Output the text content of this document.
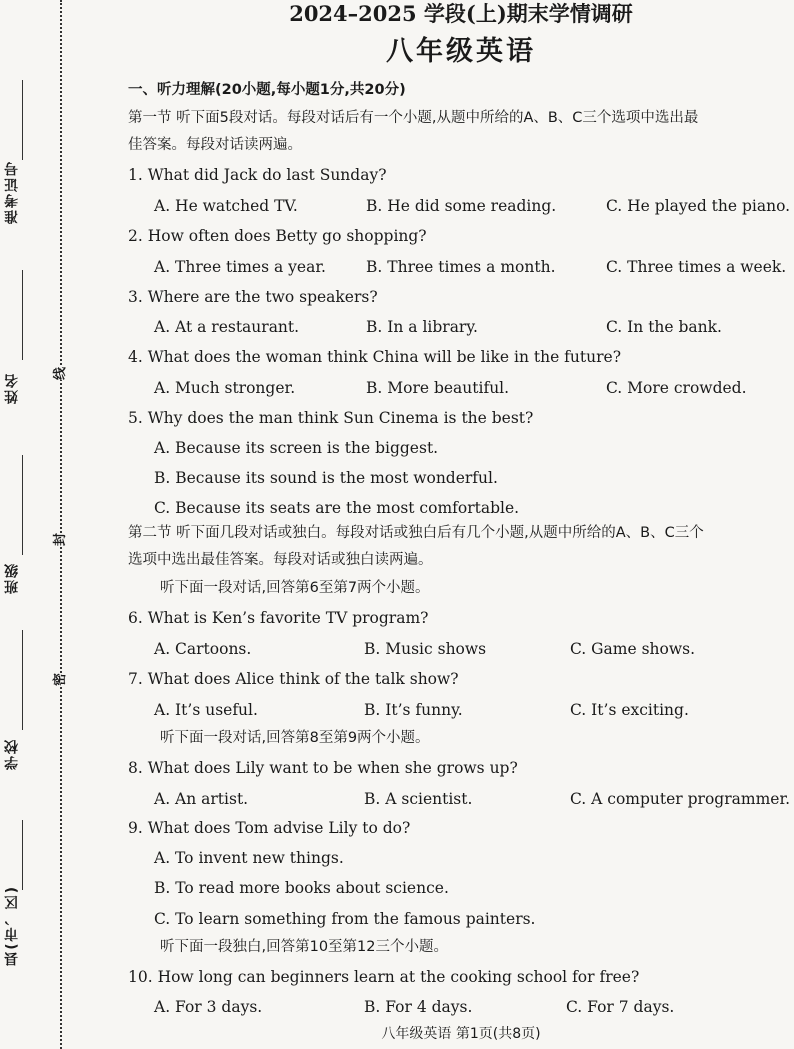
准考证号
姓名
班级
学校
县(市、区)
线
封
密
2024–2025 学段(上)期末学情调研
八年级英语
一、听力理解(20小题,每小题1分,共20分)
第一节 听下面5段对话。每段对话后有一个小题,从题中所给的A、B、C三个选项中选出最
佳答案。每段对话读两遍。
1. What did Jack do last Sunday?
A. He watched TV.	B. He did some reading.	C. He played the piano.
2. How often does Betty go shopping?
A. Three times a year.	B. Three times a month.	C. Three times a week.
3. Where are the two speakers?
A. At a restaurant.	B. In a library.	C. In the bank.
4. What does the woman think China will be like in the future?
A. Much stronger.	B. More beautiful.	C. More crowded.
5. Why does the man think Sun Cinema is the best?
A. Because its screen is the biggest.
B. Because its sound is the most wonderful.
C. Because its seats are the most comfortable.
第二节 听下面几段对话或独白。每段对话或独白后有几个小题,从题中所给的A、B、C三个
选项中选出最佳答案。每段对话或独白读两遍。
听下面一段对话,回答第6至第7两个小题。
6. What is Ken’s favorite TV program?
A. Cartoons.	B. Music shows	C. Game shows.
7. What does Alice think of the talk show?
A. It’s useful.	B. It’s funny.	C. It’s exciting.
听下面一段对话,回答第8至第9两个小题。
8. What does Lily want to be when she grows up?
A. An artist.	B. A scientist.	C. A computer programmer.
9. What does Tom advise Lily to do?
A. To invent new things.
B. To read more books about science.
C. To learn something from the famous painters.
听下面一段独白,回答第10至第12三个小题。
10. How long can beginners learn at the cooking school for free?
A. For 3 days.	B. For 4 days.	C. For 7 days.
八年级英语 第1页(共8页)
